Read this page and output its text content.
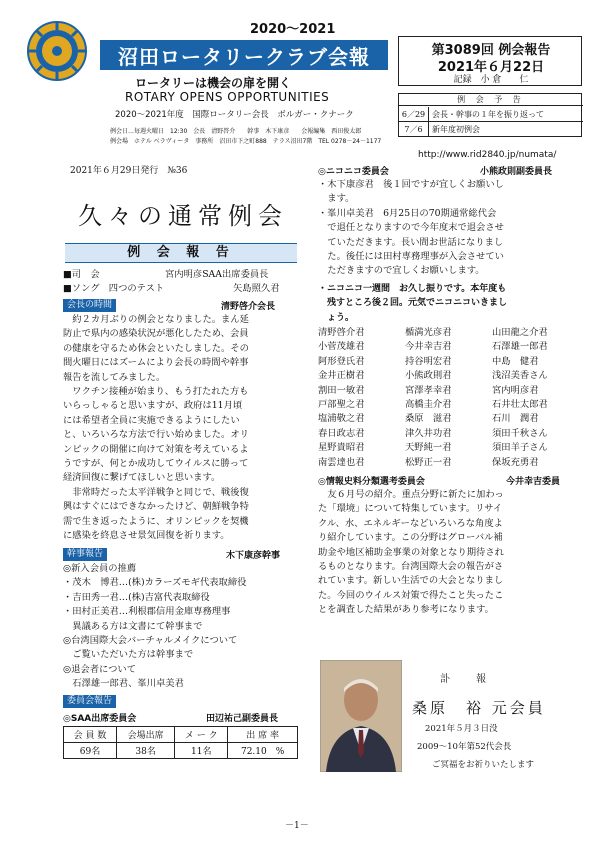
2020～2021
沼田ロータリークラブ会報
ロータリーは機会の扉を開く
ROTARY OPENS OPPORTUNITIES
2020～2021年度　国際ロータリー会長　ボルガー・クナーク
例会日…毎週火曜日　12:30　会長　清野啓介　　幹事　木下康彦　　会報編集　西田俊太郎
例会場　ホテル ベラヴィータ　事務所　沼田市下之町888　テラス沼田7階　TEL 0278－24－1177
第3089回 例会報告
2021年６月22日
記録　小 倉　　仁
例 会 予 告
6／29 会長・幹事の１年を振り返って
7／6	新年度初例会
http://www.rid2840.jp/numata/
2021年６月29日発行　№36
久々の通常例会
例 会 報 告
■司　会	宮内明彦SAA出席委員長
■ソング　四つのテスト	矢島照久君
会長の時間	清野啓介会長
　約２カ月ぶりの例会となりました。まん延
防止で県内の感染状況が悪化したため、会員
の健康を守るため休会といたしました。その
間火曜日にはズームにより会長の時間や幹事
報告を流してみました。
　ワクチン接種が始まり、もう打たれた方も
いらっしゃると思いますが、政府は11月頃
には希望者全員に実施できるようにしたい
と、いろいろな方法で行い始めました。オリ
ンピックの開催に向けて対策を考えているよ
うですが、何とか成功してウイルスに勝って
経済回復に繋げてほしいと思います。
　非常時だった太平洋戦争と同じで、戦後復
興はすぐにはできなかったけど、朝鮮戦争特
需で生き返ったように、オリンピックを契機
に感染を終息させ景気回復を祈ります。
幹事報告	木下康彦幹事
◎新入会員の推薦
・茂木　博君…(株)カラーズモギ代表取締役
・吉田秀一君…(株)吉富代表取締役
・田村正美君…利根郡信用金庫専務理事
　異議ある方は文書にて幹事まで
◎台湾国際大会バーチャルメイクについて
　ご覧いただいた方は幹事まで
◎退会者について
　石澤雄一郎君、峯川卓美君
委員会報告
◎SAA出席委員会	田辺祐己副委員長
会 員 数	会場出席	メ ー ク	出 席 率
69名	38名	11名	72.10　%
◎ニコニコ委員会	小熊政則副委員長
・木下康彦君　後１回ですが宜しくお願いし
　ます。
・峯川卓美君　6月25日の70期通常総代会
　で退任となりますので今年度末で退会させ
　ていただきます。長い間お世話になりまし
　た。後任には田村専務理事が入会させてい
　ただきますので宜しくお願いします。
・ニコニコ一週間　お久し振りです。本年度も
　残すところ後２回。元気でニコニコいきまし
　ょう。
清野啓介君	楯満光彦君	山田龍之介君
小菅茂雄君	今井幸吉君	石澤雄一郎君
阿形登氏君	持谷明宏君	中島　健君
金井正樹君	小熊政則君	浅沼美香さん
割田一敏君	宮澤孝幸君	宮内明彦君
戸部聖之君	高橋圭介君	石井壮太郎君
塩浦敬之君	桑原　滋君	石川　潤君
春日政志君	津久井功君	須田千秋さん
星野貴昭君	天野純一君	須田羊子さん
南雲達也君	松野正一君	保坂充勇君
◎情報史料分類選考委員会	今井幸吉委員
　友６月号の紹介。重点分野に新たに加わっ
た「環境」について特集しています。リサイ
クル、水、エネルギーなどいろいろな角度よ
り紹介しています。この分野はグローバル補
助金や地区補助金事業の対象となり期待され
るものとなります。台湾国際大会の報告がさ
れています。新しい生活での大会となりまし
た。今回のウイルス対策で得たこと失ったこ
とを調査した結果があり参考になります。
訃　報
桑原　裕 元会員
2021年５月３日没
2009～10年第52代会長
ご冥福をお祈りいたします
－1－
